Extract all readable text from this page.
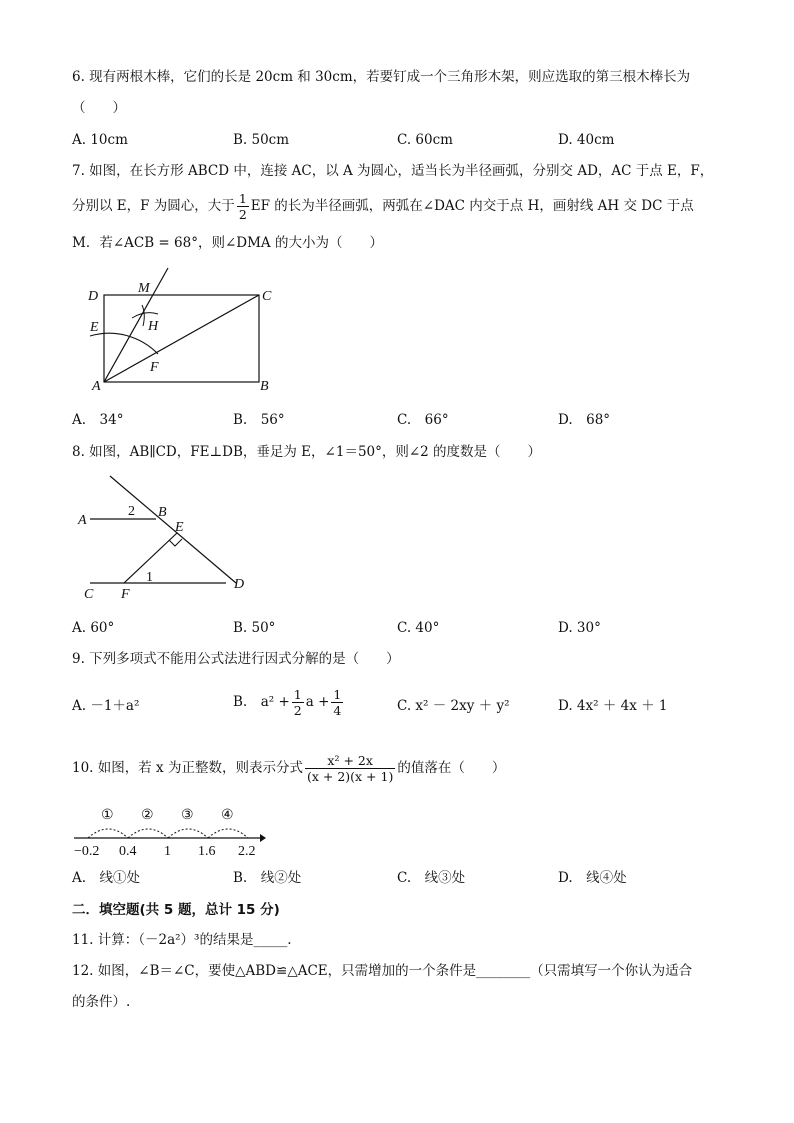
6. 现有两根木棒，它们的长是 20cm 和 30cm，若要钉成一个三角形木架，则应选取的第三根木棒长为
（　　）
A. 10cm	B. 50cm	C. 60cm	D. 40cm
7. 如图，在长方形 ABCD 中，连接 AC，以 A 为圆心，适当长为半径画弧，分别交 AD，AC 于点 E，F，
分别以 E，F 为圆心，大于 $\frac{1}{2}$ EF 的长为半径画弧，两弧在∠DAC 内交于点 H，画射线 AH 交 DC 于点
M．若∠ACB = 68°，则∠DMA 的大小为（　　）
D
M
C
E	H
F
A	B
A.　34°	B.　56°	C.　66°	D.　68°
8. 如图，AB∥CD，FE⊥DB，垂足为 E，∠1＝50°，则∠2 的度数是（　　）
A
2 B
E
1
C F
D
A. 60°	B. 50°	C. 40°	D. 30°
9. 下列多项式不能用公式法进行因式分解的是（　　）
A. －1＋a²	B.　$a^2 + \frac{1}{2}$ $a + \frac{1}{4}$	C. x² － 2xy ＋ y²	D. 4x² ＋ 4x ＋ 1
10. 如图，若 x 为正整数，则表示分式 $\frac{\text{x² + 2x}}{(x + 2)(x + 1)}$ 的值落在（　　）
① ② ③ ④
−0.2 0.4 1 1.6 2.2
A.　线①处	B.　线②处	C.　线③处	D.　线④处
二．填空题(共 5 题，总计 15 分)
11. 计算：（－2a²）³的结果是_____.
12. 如图，∠B＝∠C，要使△ABD≌△ACE，只需增加的一个条件是________（只需填写一个你认为适合
的条件）.
